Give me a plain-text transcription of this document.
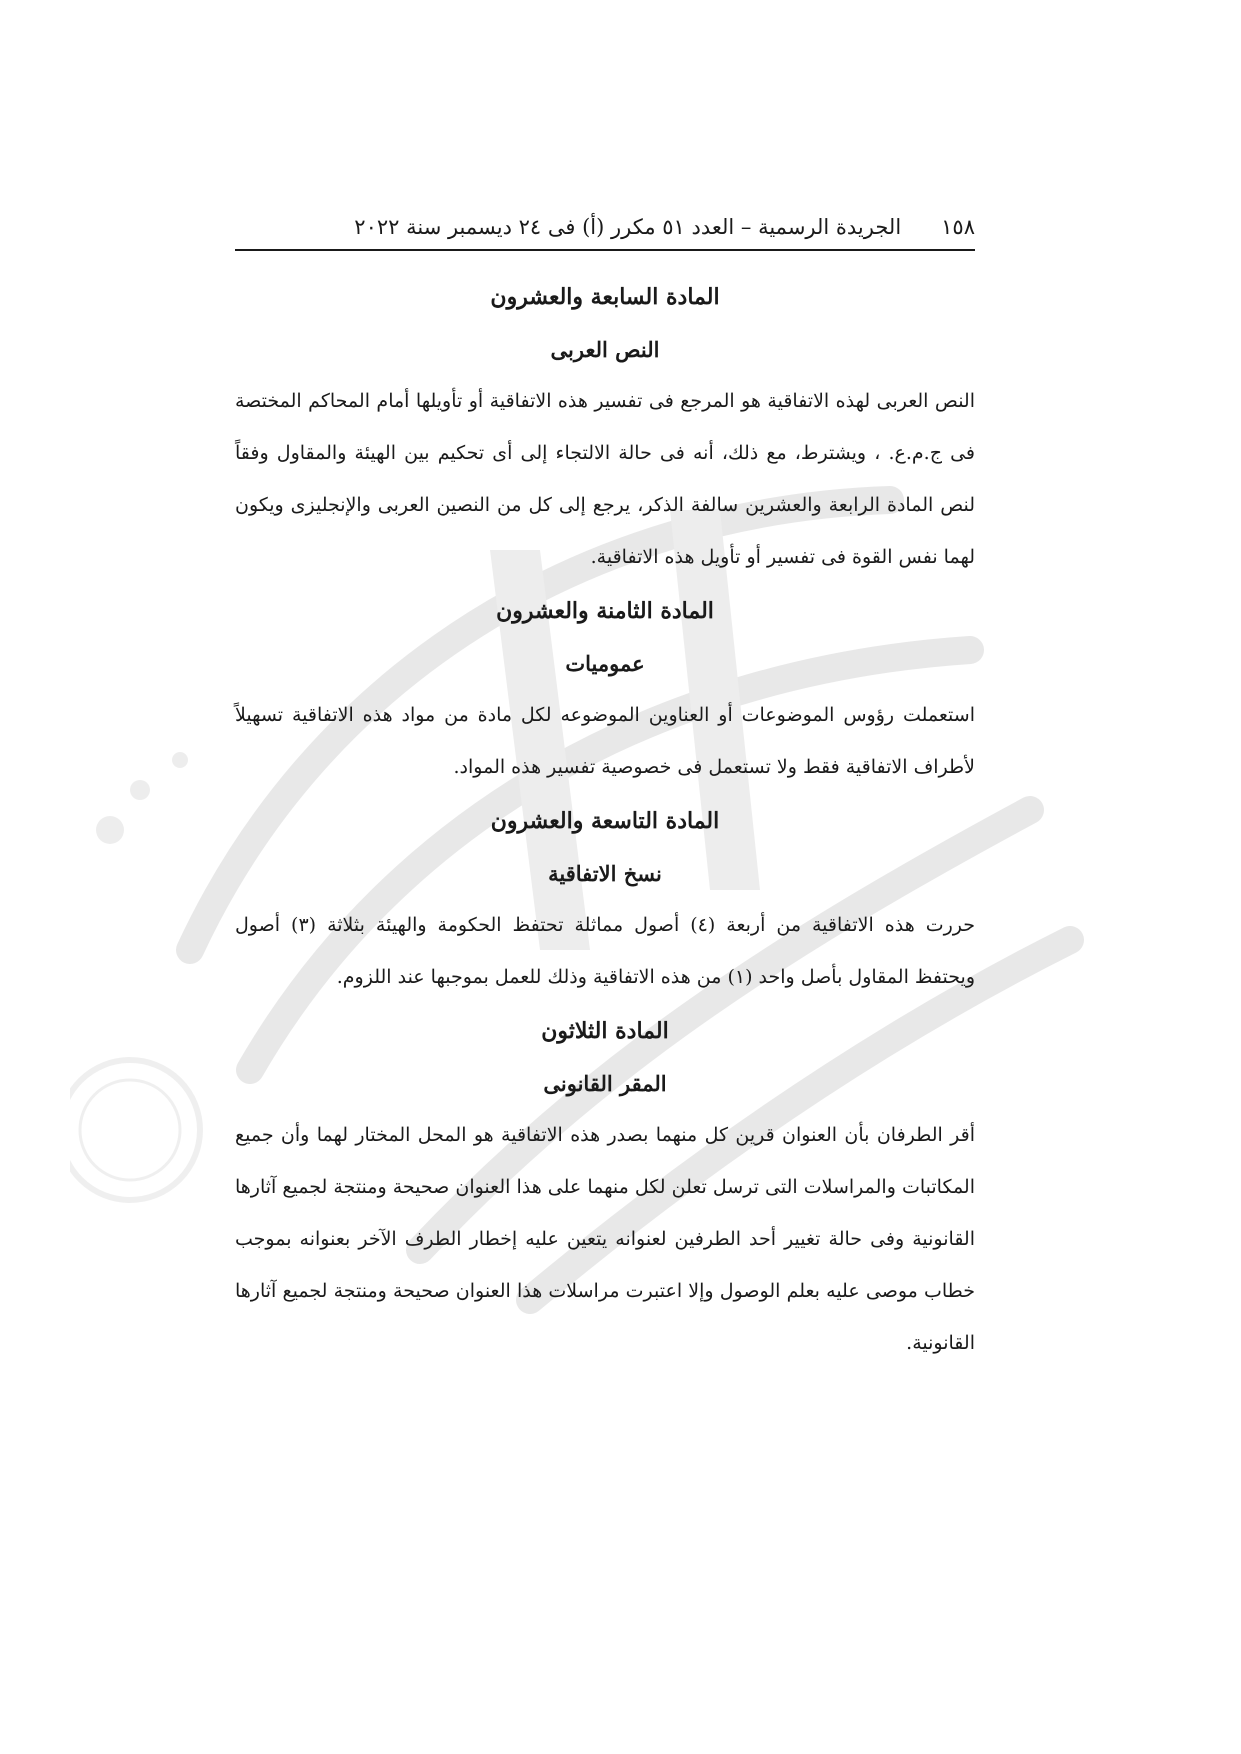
١٥٨
الجريدة الرسمية – العدد ٥١ مكرر (أ) فى ٢٤ ديسمبر سنة ٢٠٢٢
المادة السابعة والعشرون
النص العربى

النص العربى لهذه الاتفاقية هو المرجع فى تفسير هذه الاتفاقية أو تأويلها أمام المحاكم المختصة فى ج.م.ع. ، ويشترط، مع ذلك، أنه فى حالة الالتجاء إلى أى تحكيم بين الهيئة والمقاول وفقاً لنص المادة الرابعة والعشرين سالفة الذكر، يرجع إلى كل من النصين العربى والإنجليزى ويكون لهما نفس القوة فى تفسير أو تأويل هذه الاتفاقية.

المادة الثامنة والعشرون
عموميات

استعملت رؤوس الموضوعات أو العناوين الموضوعه لكل مادة من مواد هذه الاتفاقية تسهيلاً لأطراف الاتفاقية فقط ولا تستعمل فى خصوصية تفسير هذه المواد.

المادة التاسعة والعشرون
نسخ الاتفاقية

حررت هذه الاتفاقية من أربعة (٤) أصول مماثلة تحتفظ الحكومة والهيئة بثلاثة (٣) أصول ويحتفظ المقاول بأصل واحد (١) من هذه الاتفاقية وذلك للعمل بموجبها عند اللزوم.

المادة الثلاثون
المقر القانونى

أقر الطرفان بأن العنوان قرين كل منهما بصدر هذه الاتفاقية هو المحل المختار لهما وأن جميع المكاتبات والمراسلات التى ترسل تعلن لكل منهما على هذا العنوان صحيحة ومنتجة لجميع آثارها القانونية وفى حالة تغيير أحد الطرفين لعنوانه يتعين عليه إخطار الطرف الآخر بعنوانه بموجب خطاب موصى عليه بعلم الوصول وإلا اعتبرت مراسلات هذا العنوان صحيحة ومنتجة لجميع آثارها القانونية.
